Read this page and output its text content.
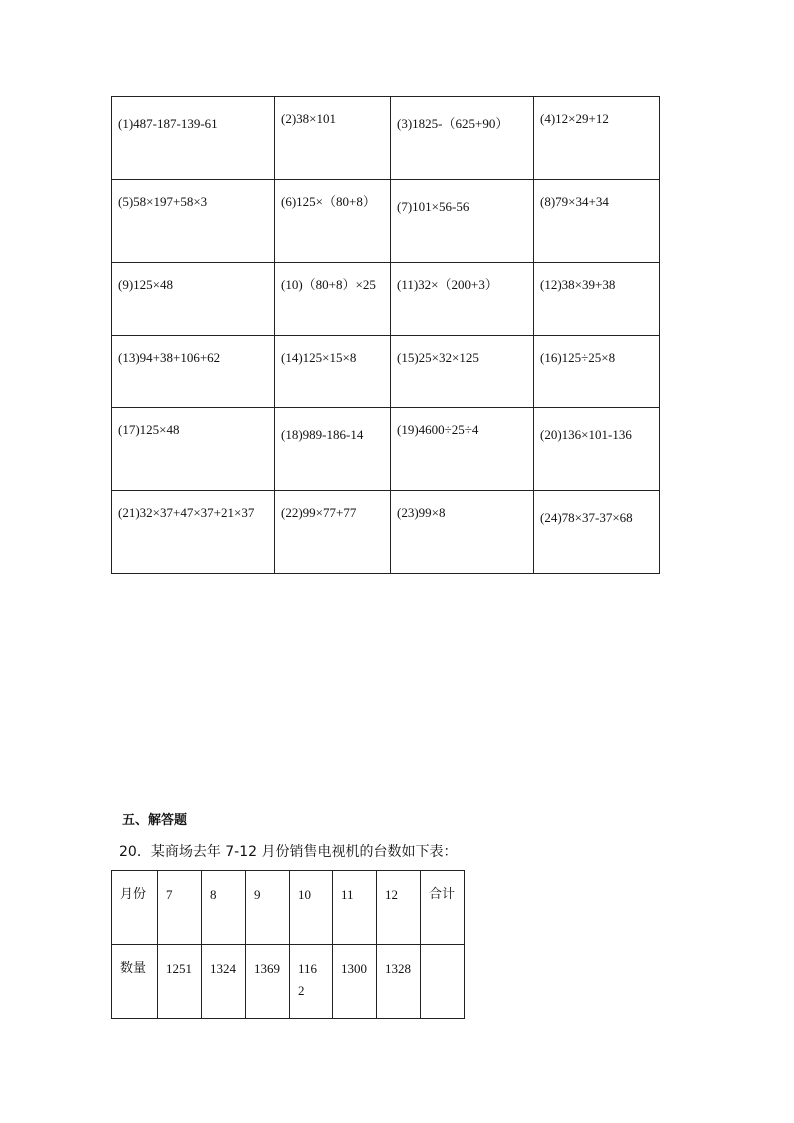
(1)487-187-139-61	(2)38×101	(3)1825-（625+90）	(4)12×29+12

(5)58×197+58×3	(6)125×（80+8）	(7)101×56-56	(8)79×34+34

(9)125×48	(10)（80+8）×25	(11)32×（200+3）	(12)38×39+38

(13)94+38+106+62	(14)125×15×8	(15)25×32×125	(16)125÷25×8

(17)125×48	(18)989-186-14	(19)4600÷25÷4	(20)136×101-136

(21)32×37+47×37+21×37	(22)99×77+77	(23)99×8	(24)78×37-37×68
五、解答题
20．某商场去年 7-12 月份销售电视机的台数如下表：
月份	7	8	9	10	11	12	合计
数量	1251	1324	1369	1162	1300	1328	
